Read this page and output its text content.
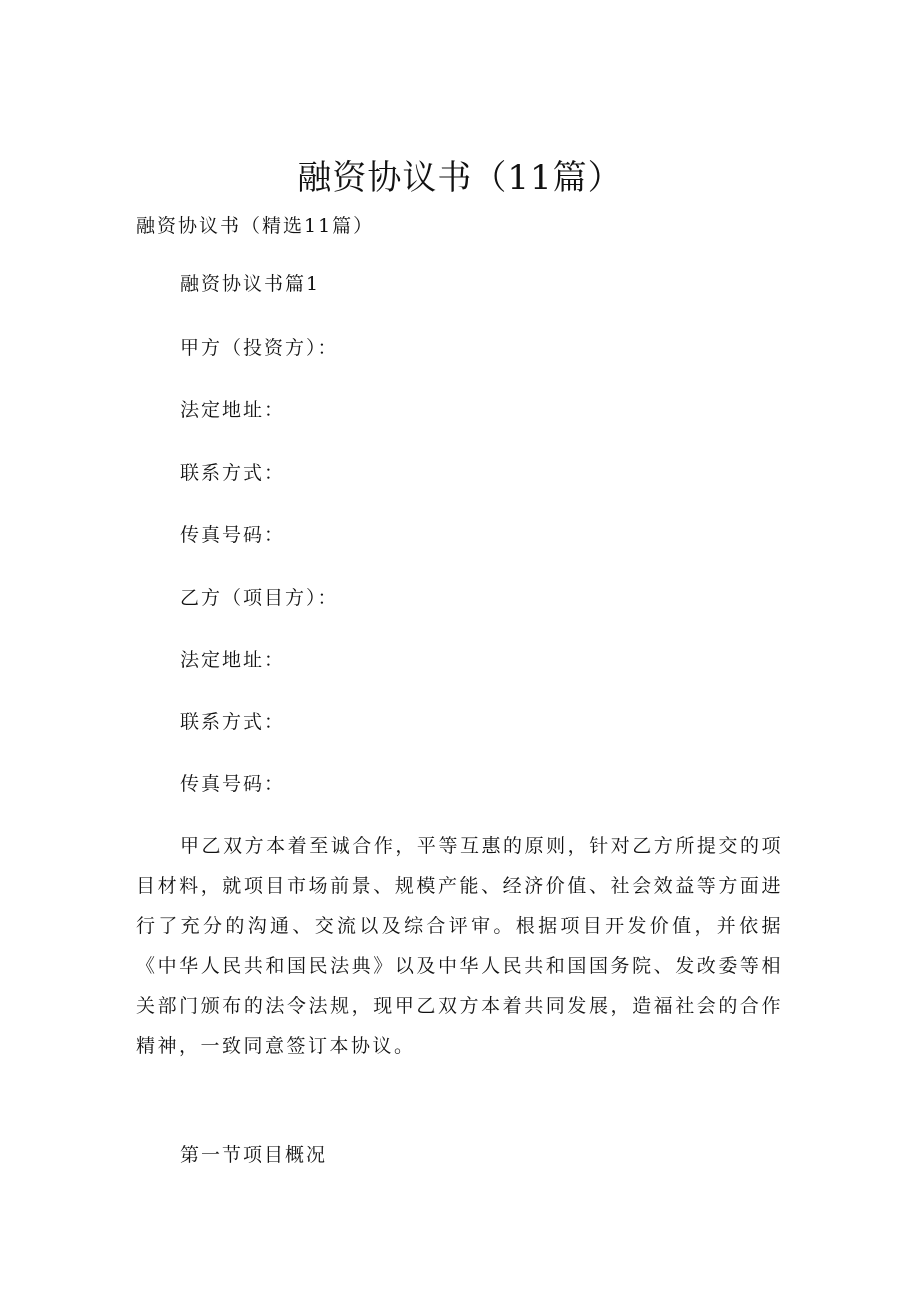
融资协议书（11篇）
融资协议书（精选11篇）
融资协议书篇1
甲方（投资方）：
法定地址：
联系方式：
传真号码：
乙方（项目方）：
法定地址：
联系方式：
传真号码：

甲乙双方本着至诚合作，平等互惠的原则，针对乙方所提交的项目材料，就项目市场前景、规模产能、经济价值、社会效益等方面进行了充分的沟通、交流以及综合评审。根据项目开发价值，并依据《中华人民共和国民法典》以及中华人民共和国国务院、发改委等相关部门颁布的法令法规，现甲乙双方本着共同发展，造福社会的合作精神，一致同意签订本协议。

第一节项目概况
